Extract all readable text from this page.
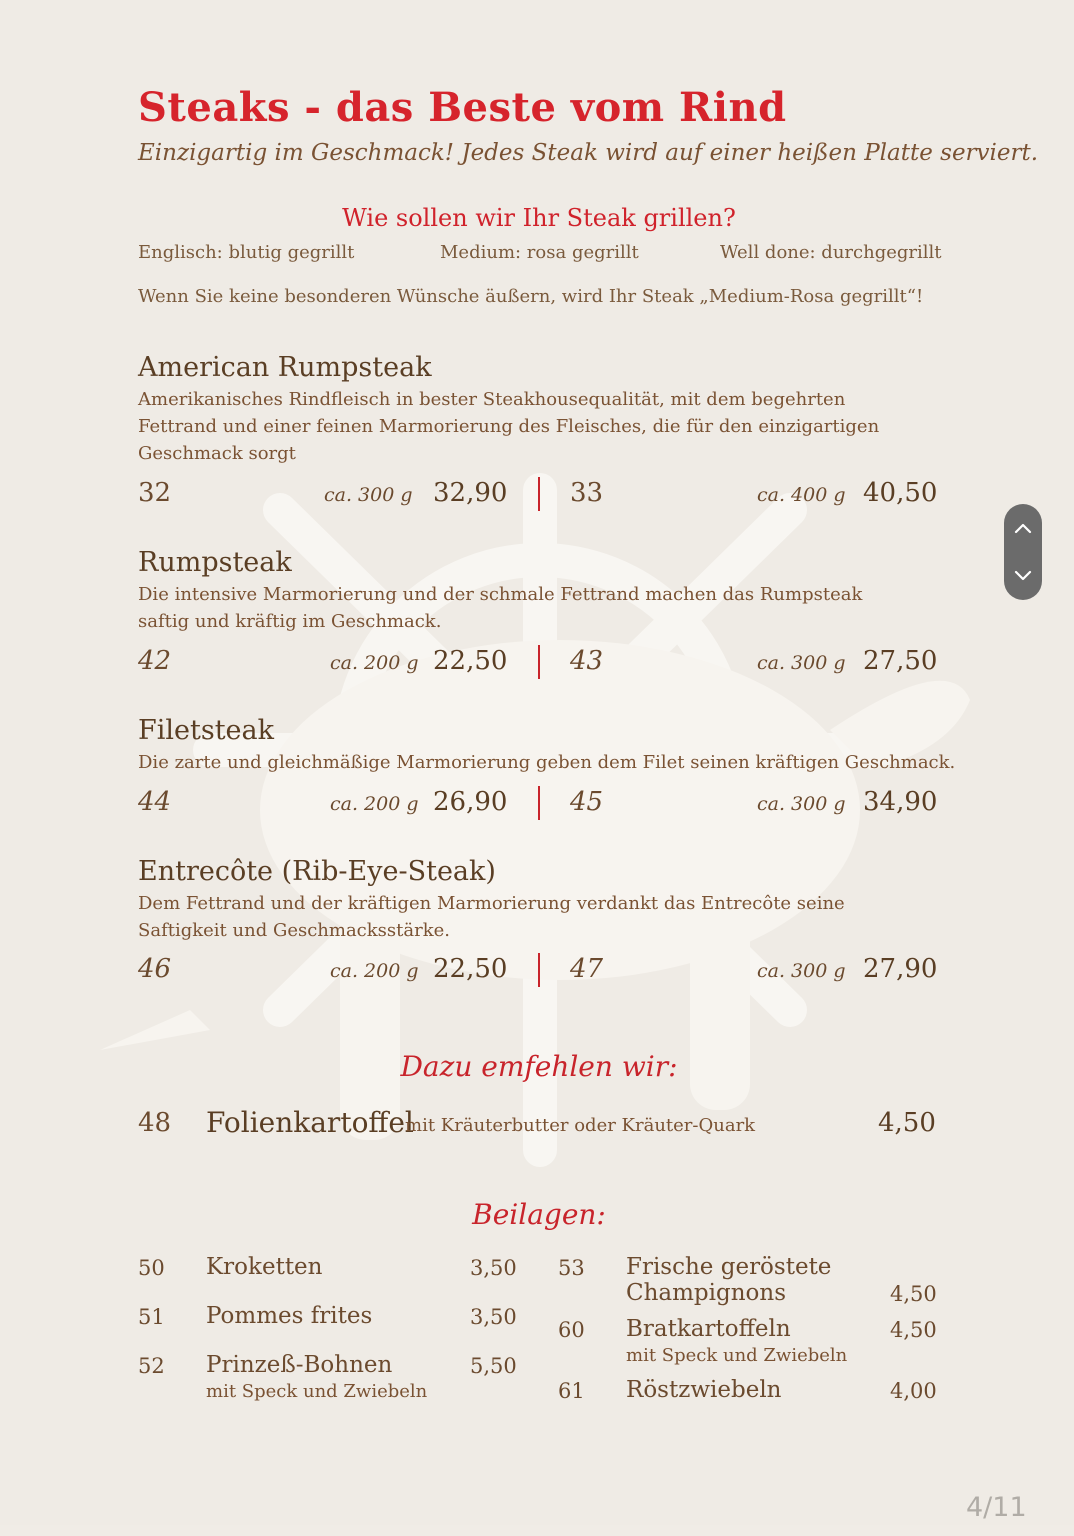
Steaks - das Beste vom Rind
Einzigartig im Geschmack! Jedes Steak wird auf einer heißen Platte serviert.
Wie sollen wir Ihr Steak grillen?
Englisch: blutig gegrillt	Medium: rosa gegrillt	Well done: durchgegrillt
Wenn Sie keine besonderen Wünsche äußern, wird Ihr Steak „Medium-Rosa gegrillt“!
American Rumpsteak
Amerikanisches Rindfleisch in bester Steakhousequalität, mit dem begehrten Fettrand und einer feinen Marmorierung des Fleisches, die für den einzigartigen Geschmack sorgt
32	ca. 300 g 32,90 33	ca. 400 g 40,50
Rumpsteak
Die intensive Marmorierung und der schmale Fettrand machen das Rumpsteak saftig und kräftig im Geschmack.
42	ca. 200 g 22,50 43	ca. 300 g 27,50
Filetsteak
Die zarte und gleichmäßige Marmorierung geben dem Filet seinen kräftigen Geschmack.
44	ca. 200 g 26,90 45	ca. 300 g 34,90
Entrecôte (Rib-Eye-Steak)
Dem Fettrand und der kräftigen Marmorierung verdankt das Entrecôte seine Saftigkeit und Geschmacksstärke.
46	ca. 200 g 22,50 47	ca. 300 g 27,90
Dazu emfehlen wir:
48 Folienkartoffel
mit Kräuterbutter oder Kräuter-Quark	4,50
Beilagen:
50 Kroketten	3,50
51 Pommes frites	3,50
52 Prinzeß-Bohnen	5,50
mit Speck und Zwiebeln
53 Frische geröstete
Champignons	4,50
60 Bratkartoffeln	4,50
mit Speck und Zwiebeln
61 Röstzwiebeln	4,00
4/11
